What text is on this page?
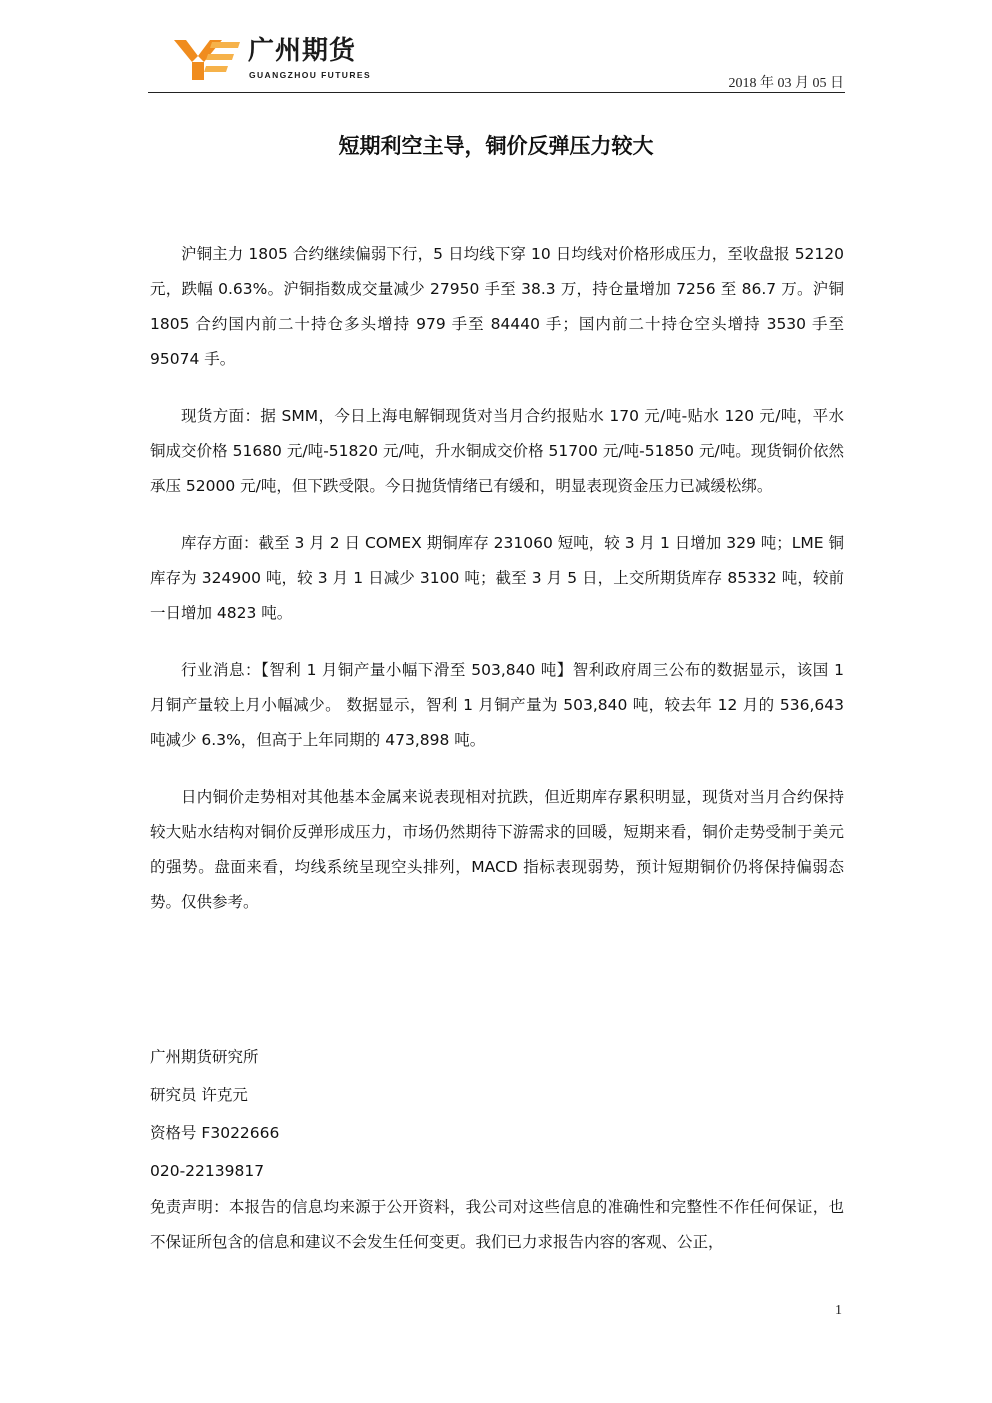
广州期货
GUANGZHOU FUTURES
2018 年 03 月 05 日
短期利空主导，铜价反弹压力较大

沪铜主力 1805 合约继续偏弱下行，5 日均线下穿 10 日均线对价格形成压力，至收盘报 52120 元，跌幅 0.63%。沪铜指数成交量减少 27950 手至 38.3 万，持仓量增加 7256 至 86.7 万。沪铜 1805 合约国内前二十持仓多头增持 979 手至 84440 手；国内前二十持仓空头增持 3530 手至 95074 手。

现货方面：据 SMM，今日上海电解铜现货对当月合约报贴水 170 元/吨-贴水 120 元/吨，平水铜成交价格 51680 元/吨-51820 元/吨，升水铜成交价格 51700 元/吨-51850 元/吨。现货铜价依然承压 52000 元/吨，但下跌受限。今日抛货情绪已有缓和，明显表现资金压力已减缓松绑。

库存方面：截至 3 月 2 日 COMEX 期铜库存 231060 短吨，较 3 月 1 日增加 329 吨；LME 铜库存为 324900 吨，较 3 月 1 日减少 3100 吨；截至 3 月 5 日，上交所期货库存 85332 吨，较前一日增加 4823 吨。

行业消息：【智利 1 月铜产量小幅下滑至 503,840 吨】智利政府周三公布的数据显示，该国 1 月铜产量较上月小幅减少。 数据显示，智利 1 月铜产量为 503,840 吨，较去年 12 月的 536,643 吨减少 6.3%，但高于上年同期的 473,898 吨。

日内铜价走势相对其他基本金属来说表现相对抗跌，但近期库存累积明显，现货对当月合约保持较大贴水结构对铜价反弹形成压力，市场仍然期待下游需求的回暖，短期来看，铜价走势受制于美元的强势。盘面来看，均线系统呈现空头排列，MACD 指标表现弱势，预计短期铜价仍将保持偏弱态势。仅供参考。

广州期货研究所
研究员 许克元
资格号 F3022666
020-22139817
免责声明：本报告的信息均来源于公开资料，我公司对这些信息的准确性和完整性不作任何保证，也不保证所包含的信息和建议不会发生任何变更。我们已力求报告内容的客观、公正，
1
